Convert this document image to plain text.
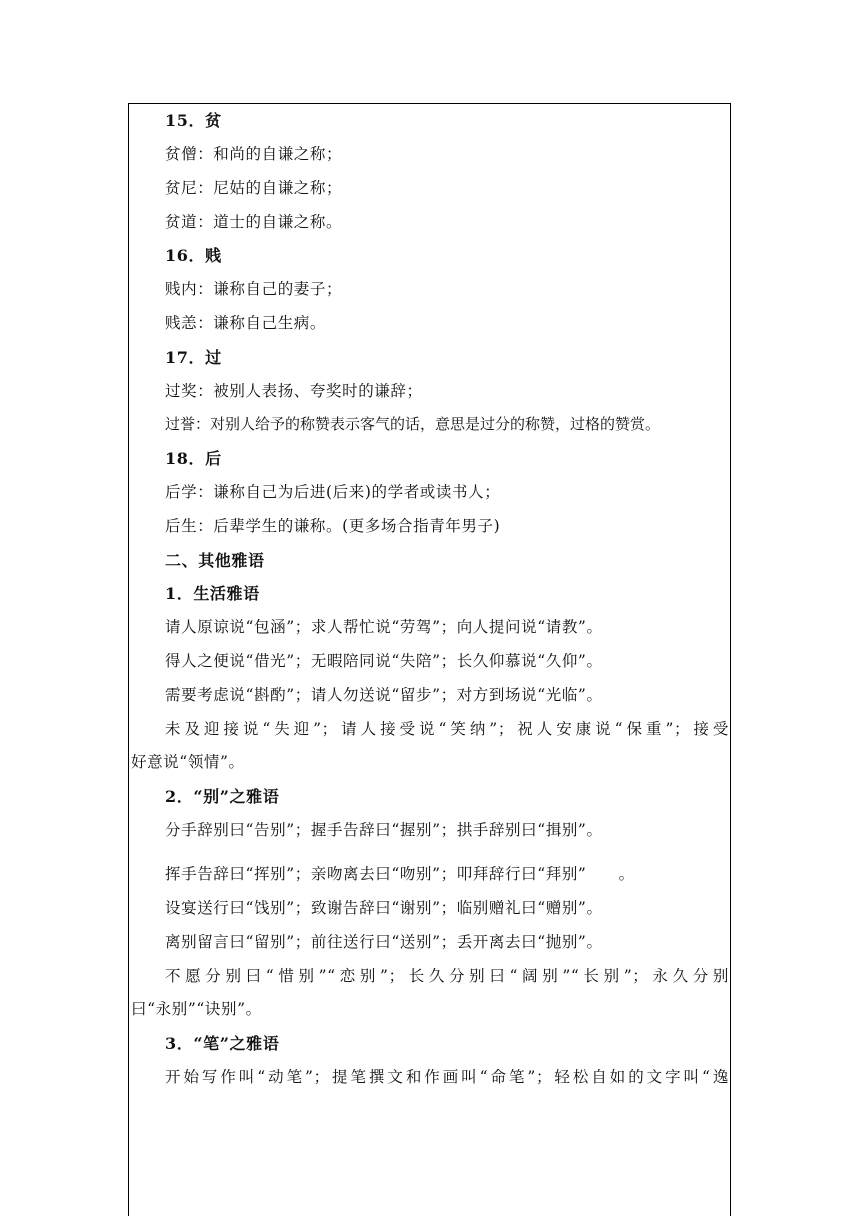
15．贫
贫僧：和尚的自谦之称；
贫尼：尼姑的自谦之称；
贫道：道士的自谦之称。
16．贱
贱内：谦称自己的妻子；
贱恙：谦称自己生病。
17．过
过奖：被别人表扬、夸奖时的谦辞；
过誉：对别人给予的称赞表示客气的话，意思是过分的称赞，过格的赞赏。
18．后
后学：谦称自己为后进(后来)的学者或读书人；
后生：后辈学生的谦称。(更多场合指青年男子)
二、其他雅语
1．生活雅语
请人原谅说“包涵”；求人帮忙说“劳驾”；向人提问说“请教”。
得人之便说“借光”；无暇陪同说“失陪”；长久仰慕说“久仰”。
需要考虑说“斟酌”；请人勿送说“留步”；对方到场说“光临”。
未及迎接说“失迎”；请人接受说“笑纳”；祝人安康说“保重”；接受
好意说“领情”。
2．“别”之雅语
分手辞别曰“告别”；握手告辞曰“握别”；拱手辞别曰“揖别”。
挥手告辞曰“挥别”；亲吻离去曰“吻别”；叩拜辞行曰“拜别”　　。
设宴送行曰“饯别”；致谢告辞曰“谢别”；临别赠礼曰“赠别”。
离别留言曰“留别”；前往送行曰“送别”；丢开离去曰“抛别”。
不愿分别曰“惜别”“恋别”；长久分别曰“阔别”“长别”；永久分别
曰“永别”“诀别”。
3．“笔”之雅语
开始写作叫“动笔”；提笔撰文和作画叫“命笔”；轻松自如的文字叫“逸
